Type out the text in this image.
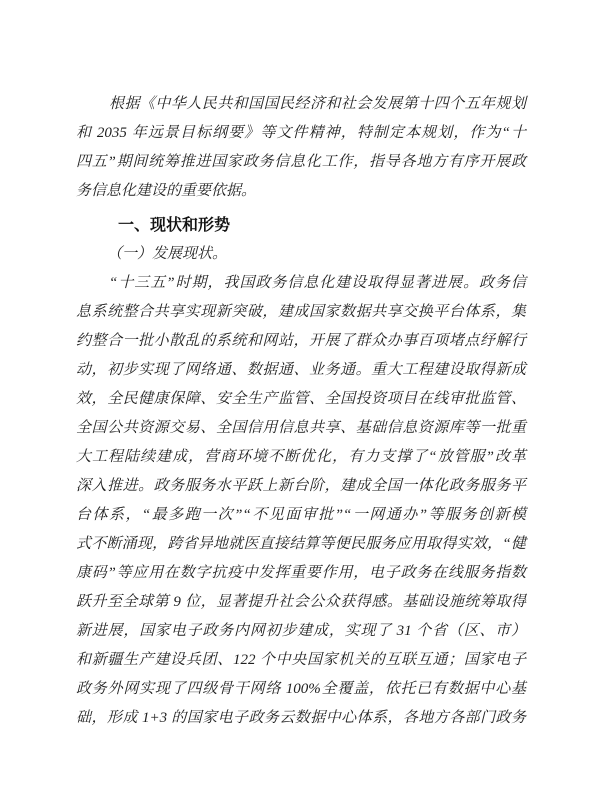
根据《中华人民共和国国民经济和社会发展第十四个五年规划

和 2035 年远景目标纲要》等文件精神，特制定本规划，作为“十

四五”期间统筹推进国家政务信息化工作，指导各地方有序开展政

务信息化建设的重要依据。

一、现状和形势

（一）发展现状。

“十三五”时期，我国政务信息化建设取得显著进展。政务信

息系统整合共享实现新突破，建成国家数据共享交换平台体系，集

约整合一批小散乱的系统和网站，开展了群众办事百项堵点纾解行

动，初步实现了网络通、数据通、业务通。重大工程建设取得新成

效，全民健康保障、安全生产监管、全国投资项目在线审批监管、

全国公共资源交易、全国信用信息共享、基础信息资源库等一批重

大工程陆续建成，营商环境不断优化，有力支撑了“放管服”改革

深入推进。政务服务水平跃上新台阶，建成全国一体化政务服务平

台体系，“最多跑一次”“不见面审批”“一网通办”等服务创新模

式不断涌现，跨省异地就医直接结算等便民服务应用取得实效，“健

康码”等应用在数字抗疫中发挥重要作用，电子政务在线服务指数

跃升至全球第 9 位，显著提升社会公众获得感。基础设施统筹取得

新进展，国家电子政务内网初步建成，实现了 31 个省（区、市）

和新疆生产建设兵团、122 个中央国家机关的互联互通；国家电子

政务外网实现了四级骨干网络 100%全覆盖，依托已有数据中心基

础，形成 1+3 的国家电子政务云数据中心体系，各地方各部门政务
